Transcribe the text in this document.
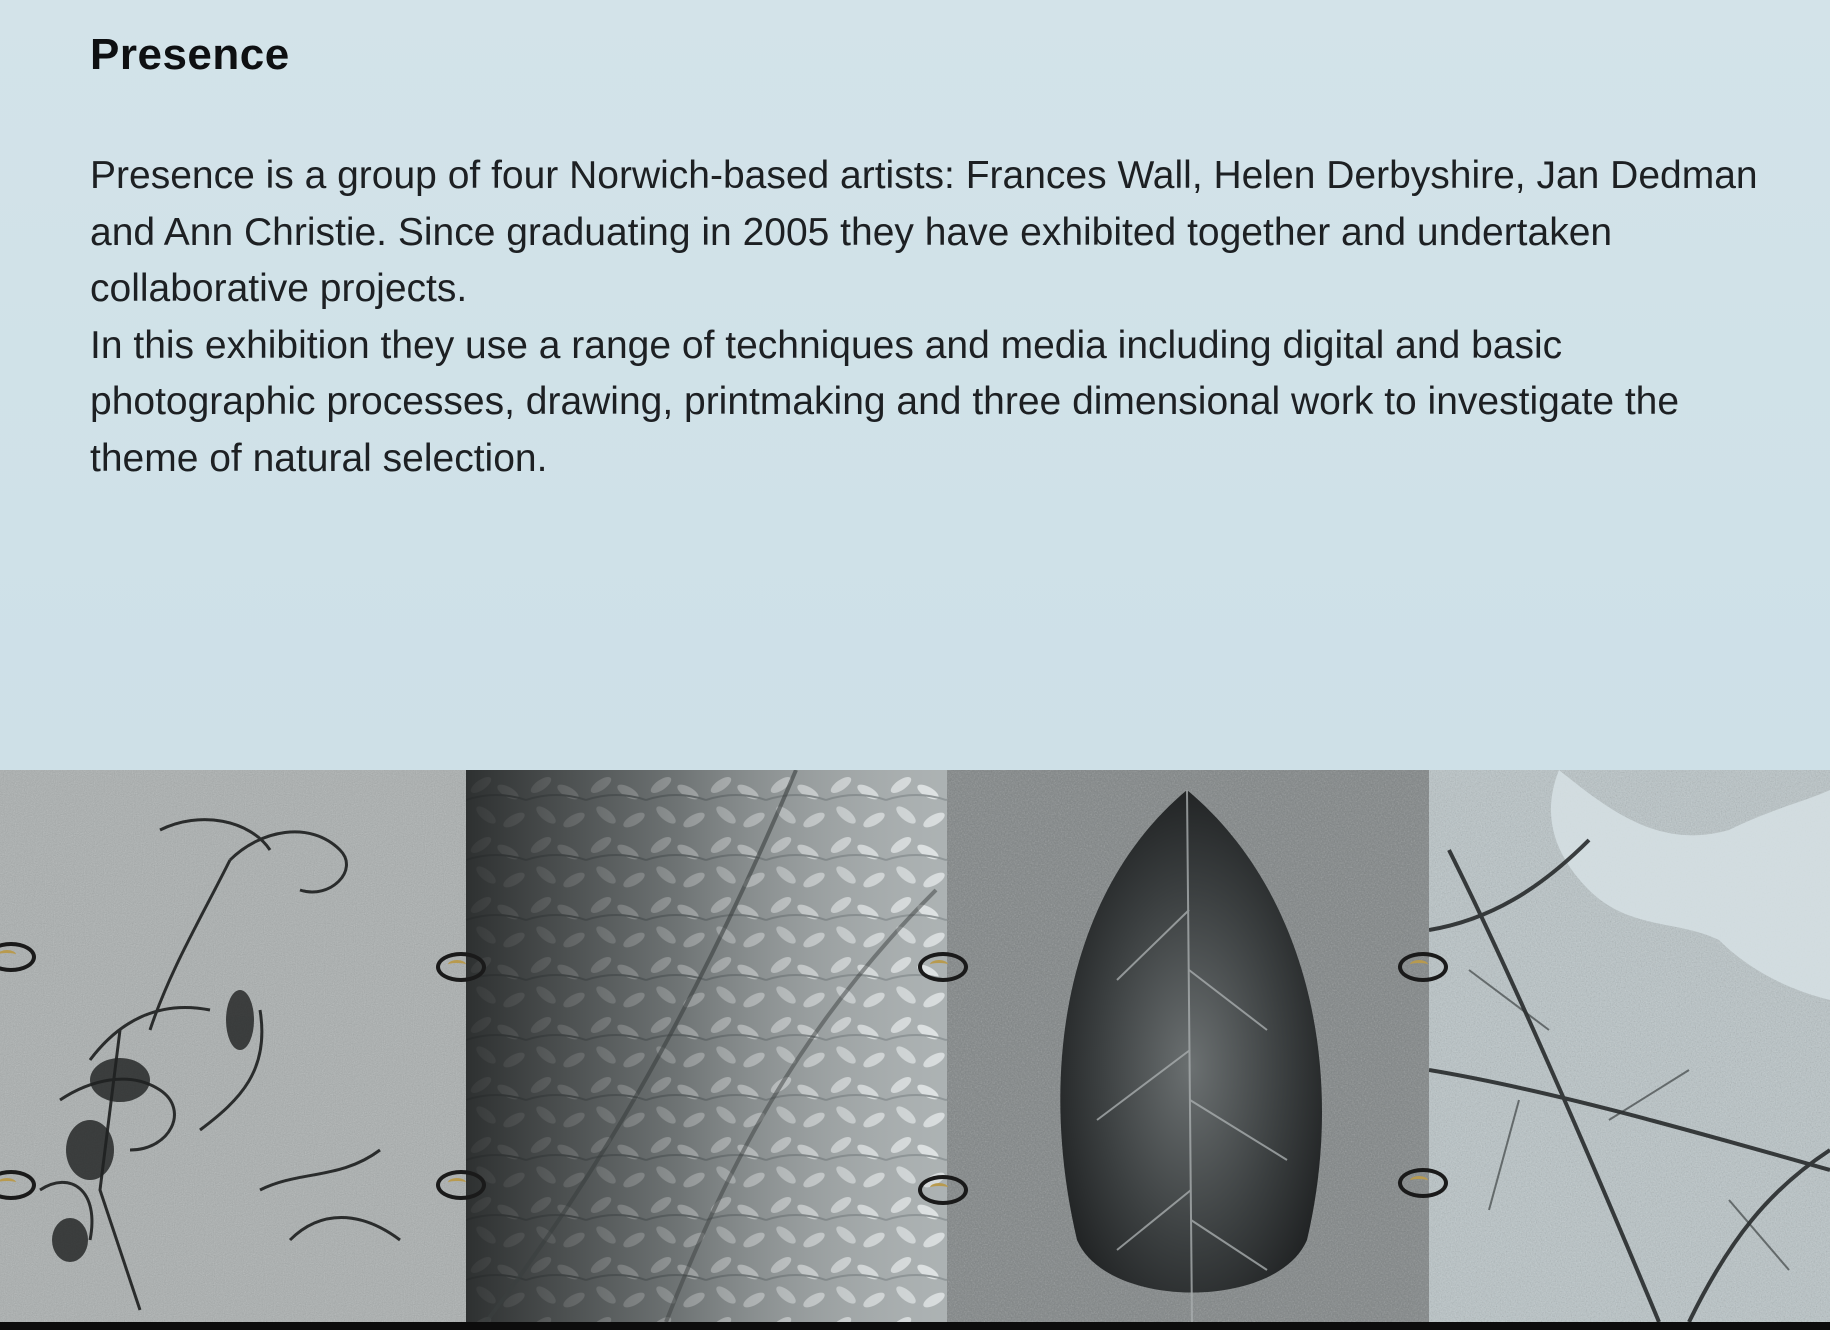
Presence

Presence is a group of four Norwich-based artists: Frances Wall, Helen Derbyshire, Jan Dedman and Ann Christie. Since graduating in 2005 they have exhibited together and undertaken collaborative projects.

In this exhibition they use a range of techniques and media including digital and basic photographic processes, drawing, printmaking and three dimensional work to investigate the theme of natural selection.
